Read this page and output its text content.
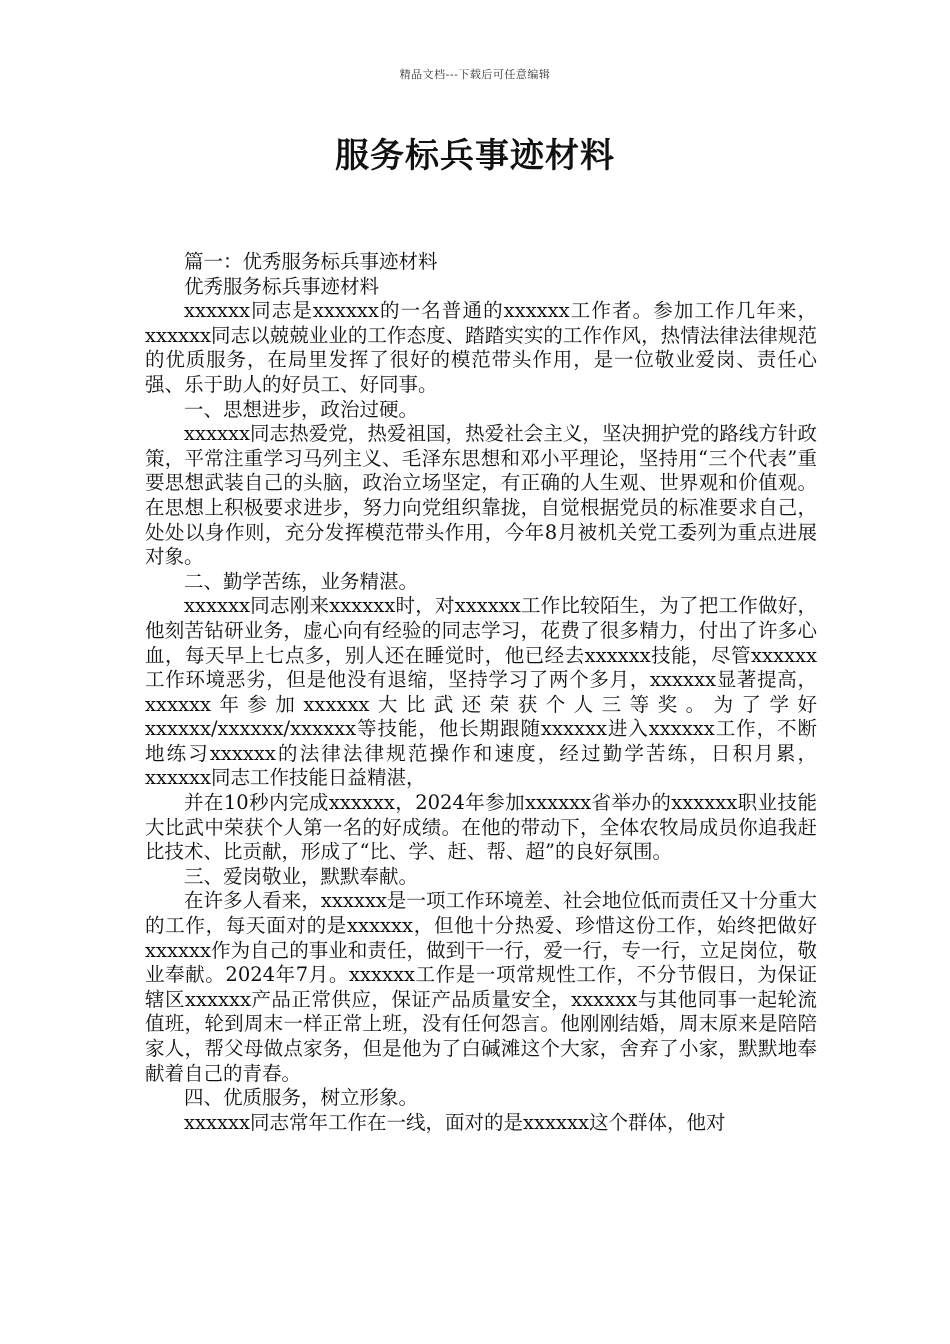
精品文档---下载后可任意编辑
服务标兵事迹材料

篇一：优秀服务标兵事迹材料

优秀服务标兵事迹材料

xxxxxx同志是xxxxxx的一名普通的xxxxxx工作者。参加工作几年来，xxxxxx同志以兢兢业业的工作态度、踏踏实实的工作作风，热情法律法律规范的优质服务，在局里发挥了很好的模范带头作用，是一位敬业爱岗、责任心强、乐于助人的好员工、好同事。

一、思想进步，政治过硬。

xxxxxx同志热爱党，热爱祖国，热爱社会主义，坚决拥护党的路线方针政策，平常注重学习马列主义、毛泽东思想和邓小平理论，坚持用“三个代表”重要思想武装自己的头脑，政治立场坚定，有正确的人生观、世界观和价值观。在思想上积极要求进步，努力向党组织靠拢，自觉根据党员的标准要求自己，处处以身作则，充分发挥模范带头作用，今年8月被机关党工委列为重点进展对象。

二、勤学苦练，业务精湛。

xxxxxx同志刚来xxxxxx时，对xxxxxx工作比较陌生，为了把工作做好，他刻苦钻研业务，虚心向有经验的同志学习，花费了很多精力，付出了许多心血，每天早上七点多，别人还在睡觉时，他已经去xxxxxx技能，尽管xxxxxx工作环境恶劣，但是他没有退缩，坚持学习了两个多月，xxxxxx显著提高，xxxxxx年参加xxxxxx大比武还荣获个人三等奖。为了学好xxxxxx/xxxxxx/xxxxxx等技能，他长期跟随xxxxxx进入xxxxxx工作，不断地练习xxxxxx的法律法律规范操作和速度，经过勤学苦练，日积月累，xxxxxx同志工作技能日益精湛，

并在10秒内完成xxxxxx，2024年参加xxxxxx省举办的xxxxxx职业技能大比武中荣获个人第一名的好成绩。在他的带动下，全体农牧局成员你追我赶比技术、比贡献，形成了“比、学、赶、帮、超”的良好氛围。

三、爱岗敬业，默默奉献。

在许多人看来，xxxxxx是一项工作环境差、社会地位低而责任又十分重大的工作，每天面对的是xxxxxx，但他十分热爱、珍惜这份工作，始终把做好xxxxxx作为自己的事业和责任，做到干一行，爱一行，专一行，立足岗位，敬业奉献。2024年7月。xxxxxx工作是一项常规性工作，不分节假日，为保证辖区xxxxxx产品正常供应，保证产品质量安全，xxxxxx与其他同事一起轮流值班，轮到周末一样正常上班，没有任何怨言。他刚刚结婚，周末原来是陪陪家人，帮父母做点家务，但是他为了白碱滩这个大家，舍弃了小家，默默地奉献着自己的青春。

四、优质服务，树立形象。

xxxxxx同志常年工作在一线，面对的是xxxxxx这个群体，他对
